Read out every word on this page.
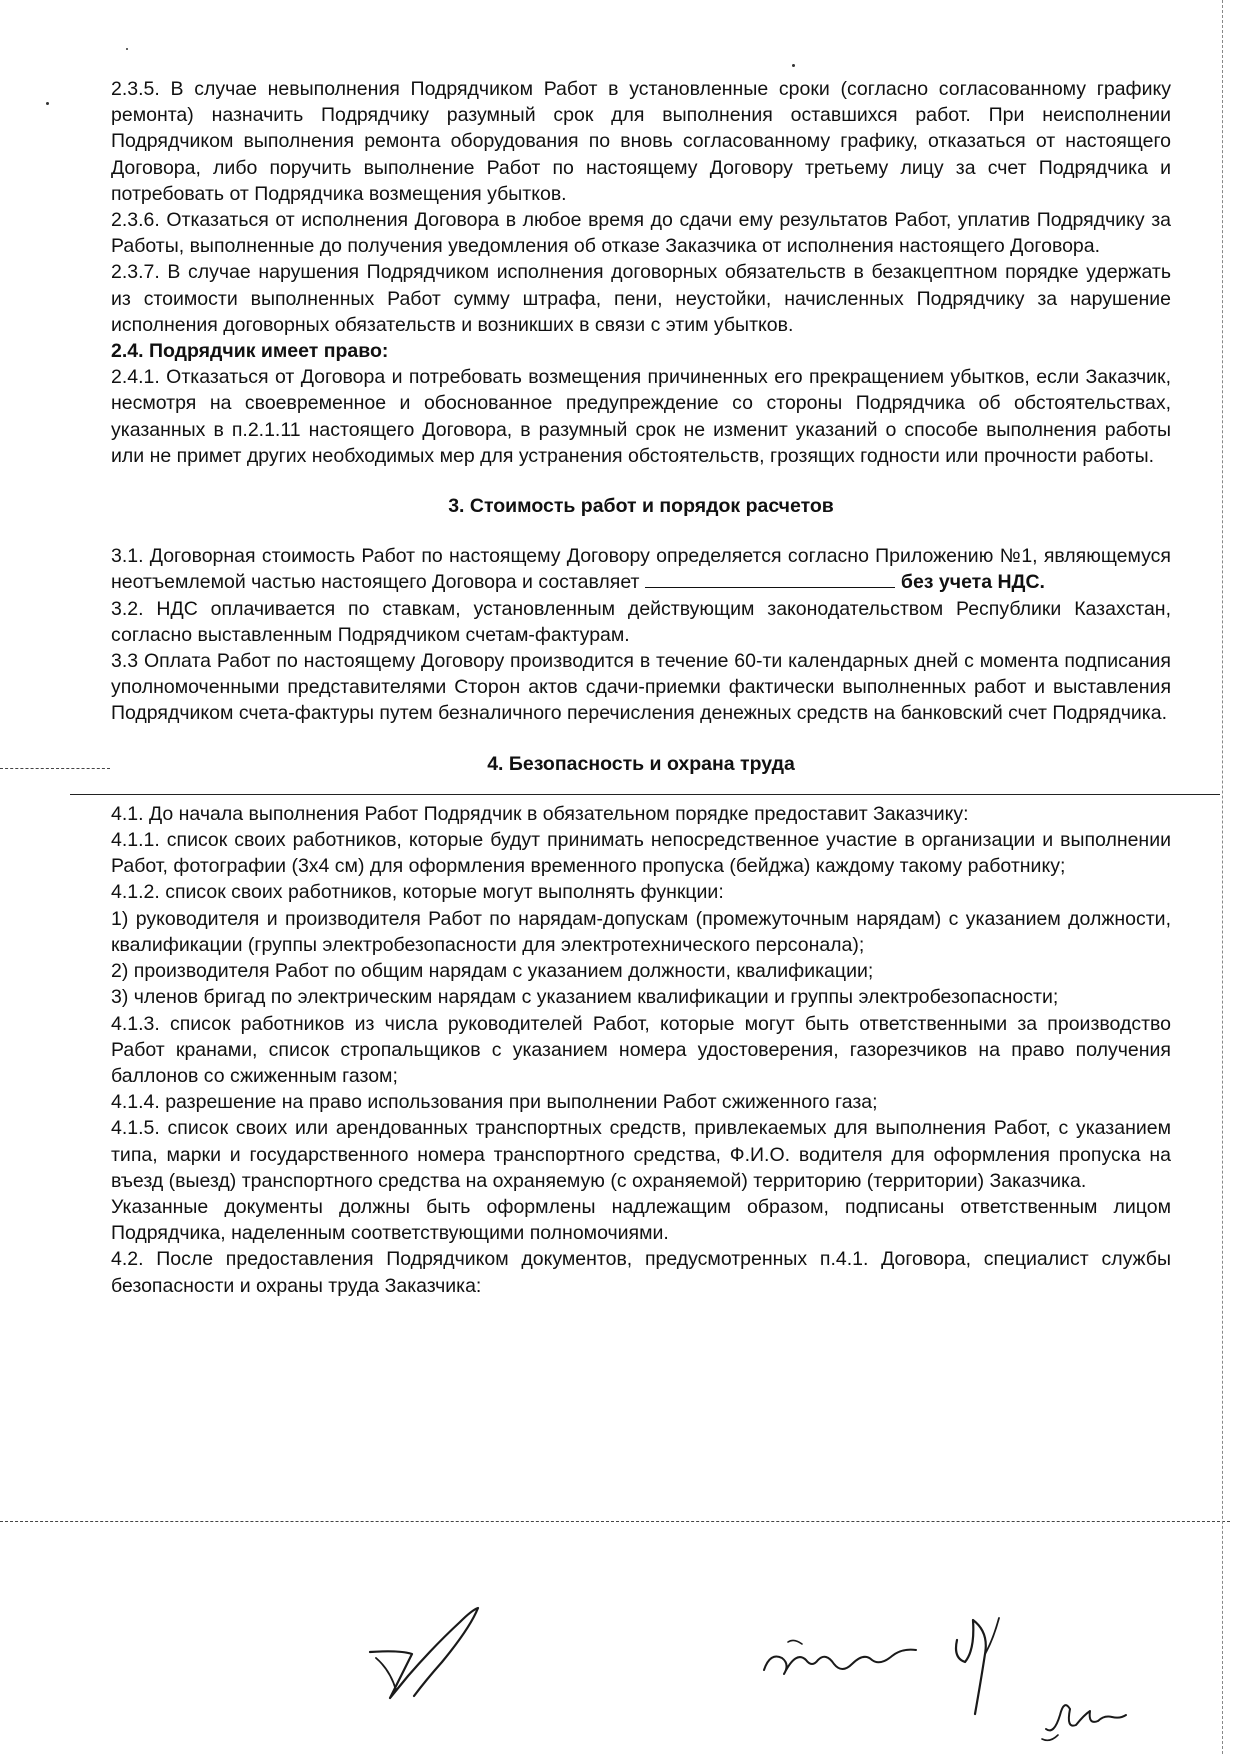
2.3.5. В случае невыполнения Подрядчиком Работ в установленные сроки (согласно согласованному графику ремонта) назначить Подрядчику разумный срок для выполнения оставшихся работ. При неисполнении Подрядчиком выполнения ремонта оборудования по вновь согласованному графику, отказаться от настоящего Договора, либо поручить выполнение Работ по настоящему Договору третьему лицу за счет Подрядчика и потребовать от Подрядчика возмещения убытков.

2.3.6. Отказаться от исполнения Договора в любое время до сдачи ему результатов Работ, уплатив Подрядчику за Работы, выполненные до получения уведомления об отказе Заказчика от исполнения настоящего Договора.

2.3.7. В случае нарушения Подрядчиком исполнения договорных обязательств в безакцептном порядке удержать из стоимости выполненных Работ сумму штрафа, пени, неустойки, начисленных Подрядчику за нарушение исполнения договорных обязательств и возникших в связи с этим убытков.

2.4. Подрядчик имеет право:

2.4.1. Отказаться от Договора и потребовать возмещения причиненных его прекращением убытков, если Заказчик, несмотря на своевременное и обоснованное предупреждение со стороны Подрядчика об обстоятельствах, указанных в п.2.1.11 настоящего Договора, в разумный срок не изменит указаний о способе выполнения работы или не примет других необходимых мер для устранения обстоятельств, грозящих годности или прочности работы.

3. Стоимость работ и порядок расчетов

3.1. Договорная стоимость Работ по настоящему Договору определяется согласно Приложению №1, являющемуся неотъемлемой частью настоящего Договора и составляет	без учета НДС.

3.2. НДС оплачивается по ставкам, установленным действующим законодательством Республики Казахстан, согласно выставленным Подрядчиком счетам-фактурам.

3.3 Оплата Работ по настоящему Договору производится в течение 60-ти календарных дней с момента подписания уполномоченными представителями Сторон актов сдачи-приемки фактически выполненных работ и выставления Подрядчиком счета-фактуры путем безналичного перечисления денежных средств на банковский счет Подрядчика.

4. Безопасность и охрана труда

4.1. До начала выполнения Работ Подрядчик в обязательном порядке предоставит Заказчику:

4.1.1. список своих работников, которые будут принимать непосредственное участие в организации и выполнении Работ, фотографии (3х4 см) для оформления временного пропуска (бейджа) каждому такому работнику;

4.1.2. список своих работников, которые могут выполнять функции:

1) руководителя и производителя Работ по нарядам-допускам (промежуточным нарядам) с указанием должности, квалификации (группы электробезопасности для электротехнического персонала);

2) производителя Работ по общим нарядам с указанием должности, квалификации;

3) членов бригад по электрическим нарядам с указанием квалификации и группы электробезопасности;

4.1.3. список работников из числа руководителей Работ, которые могут быть ответственными за производство Работ кранами, список стропальщиков с указанием номера удостоверения, газорезчиков на право получения баллонов со сжиженным газом;

4.1.4. разрешение на право использования при выполнении Работ сжиженного газа;

4.1.5. список своих или арендованных транспортных средств, привлекаемых для выполнения Работ, с указанием типа, марки и государственного номера транспортного средства, Ф.И.О. водителя для оформления пропуска на въезд (выезд) транспортного средства на охраняемую (с охраняемой) территорию (территории) Заказчика.

Указанные документы должны быть оформлены надлежащим образом, подписаны ответственным лицом Подрядчика, наделенным соответствующими полномочиями.

4.2. После предоставления Подрядчиком документов, предусмотренных п.4.1. Договора, специалист службы безопасности и охраны труда Заказчика:
